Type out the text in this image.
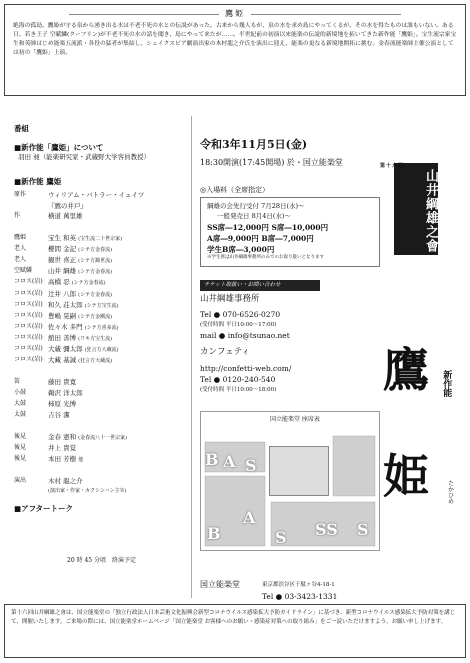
鷹姫
絶海の孤島。鷹姫が守る泉から湧き出る水は不老不死の水との伝説があった。古来から幾人もが、泉の水を求め島にやってくるが、その水を得たものは誰もいない。ある日、若き王子 空賦鱗(クーフリン)が不老不死の水の話を聞き、島にやって来たが……。半世紀前の初演以来能楽の伝説的新境地を拓いてきた新作能「鷹姫」。宝生流宗家宝生和英師はじめ能楽五流派・各役の猛者が集結し、シェイクスピア劇演出家の木村龍之介氏を演出に迎え、能楽の更なる新境地開拓に挑む。金春流能楽師主催公演としては初の「鷹姫」上演。
番組
■新作能「鷹姫」について
羽田 昶（能楽研究家・武蔵野大学客員教授）
■新作能 鷹姫
原作	ウィリアム・バトラー・イェイツ
	『鷹の井戸』
作	横道 萬里雄
鷹姫	宝生 和英 (宝生流二十世宗家)
老人	櫻間 金記 (シテ方金春流)
老人	観世 喜正 (シテ方観世流)
空賦鱗	山井 綱雄 (シテ方金春流)
コロス(岩)	高橋 忍 (シテ方金春流)
コロス(岩)	辻井 八郎 (シテ方金春流)
コロス(岩)	和久 荘太郎 (シテ方宝生流)
コロス(岩)	豊嶋 晃嗣 (シテ方金剛流)
コロス(岩)	佐々木 多門 (シテ方喜多流)
コロス(岩)	舘田 善博 (ワキ方宝生流)
コロス(岩)	大蔵 彌太郎 (狂言方大蔵流)
コロス(岩)	大藏 基誠 (狂言方大蔵流)
笛	藤田 貴寛
小鼓	鵜沢 洋太郎
大鼓	柿原 光博
太鼓	吉谷 潔
後見	金春 憲和 (金春流八十一世宗家)
後見	井上 貴覚
後見	本田 芳樹 他
演出	木村 龍之介
	(演出家・作家・カクシンハン主宰)
■アフタートーク
20 時 45 分頃　終演予定
令和3年11月5日(金)
18:30開演(17:45開場) 於・国立能楽堂	第十六回
山井綱雄之會
◎入場料（全席指定）
綱雄の会先行受付 7月28日(水)～
一般発売日 8月4日(水)～
SS席―12,000円 S席―10,000円
A席―9,000円 B席―7,000円
学生B席―3,000円
※学生席は山井綱雄事務所のみでのお取り扱いとなります
チケット取扱い・お問い合わせ
山井綱雄事務所
Tel ● 070-6526-0270
(受付時間 平日10:00～17:00)
mail ● info@tsunao.net
カンフェティ
http://confetti-web.com/
Tel ● 0120-240-540
(受付時間 平日10:00～18:00) 鷹
姫
新作能
たかひめ
B A S
B
A
S SS S
国立能楽堂 座席表
国立能楽堂	東京都渋谷区千駄ヶ谷4-18-1
Tel ● 03-3423-1331
第十六回山井綱雄之會は、国立能楽堂の「独立行政法人日本芸術文化振興会新型コロナウイルス感染拡大予防ガイドライン」に基づき、新型コロナウイルス感染拡大予防対策を講じて、開催いたします。ご来場の際には、国立能楽堂ホームページ「国立能楽堂 お客様へのお願い・感染症対策への取り組み」をご一読いただけますよう、お願い申し上げます。
